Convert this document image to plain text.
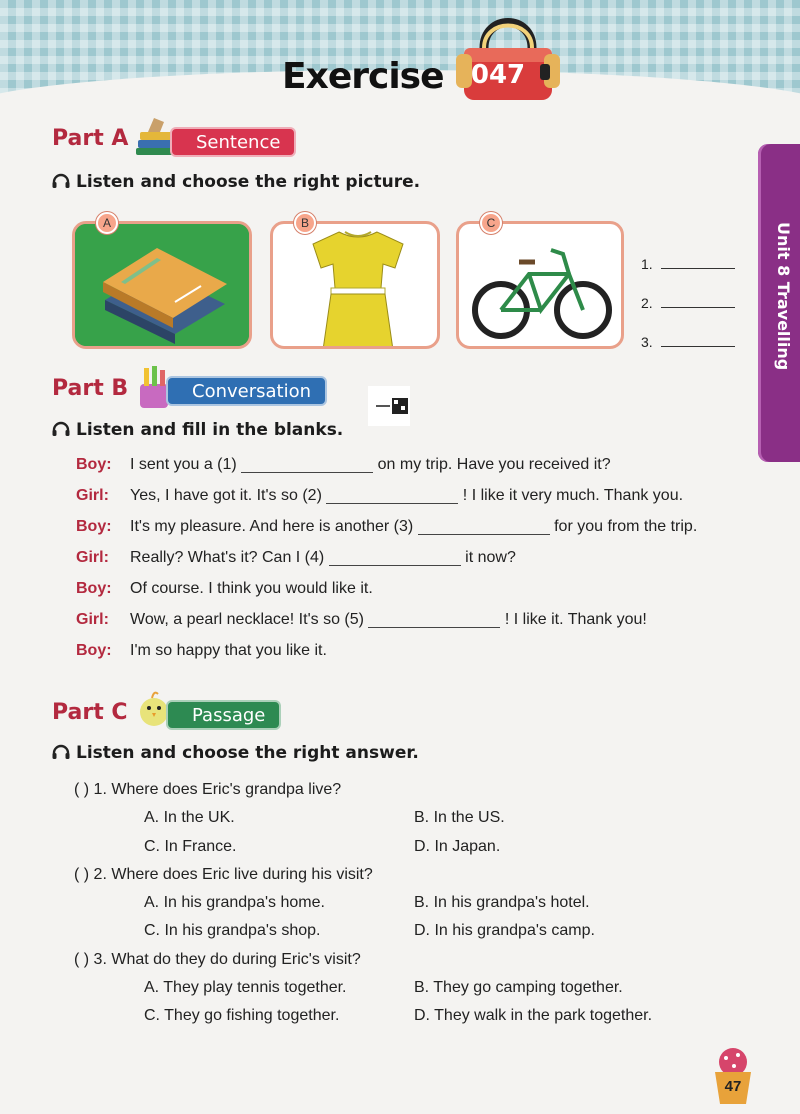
Exercise 047
Unit 8 Travelling
Part A	Sentence
Listen and choose the right picture.
A	B	C
1.
2.
3.
Part B	Conversation
Listen and fill in the blanks.
Boy: I sent you a (1)	on my trip. Have you received it?
Girl: Yes, I have got it. It's so (2)	! I like it very much. Thank you.
Boy: It's my pleasure. And here is another (3)	for you from the trip.
Girl: Really? What's it? Can I (4)	it now?
Boy: Of course. I think you would like it.
Girl: Wow, a pearl necklace! It's so (5)	! I like it. Thank you!
Boy: I'm so happy that you like it.
Part C	Passage
Listen and choose the right answer.
( ) 1. Where does Eric's grandpa live?
A. In the UK.	B. In the US.
C. In France.	D. In Japan.
( ) 2. Where does Eric live during his visit?
A. In his grandpa's home.	B. In his grandpa's hotel.
C. In his grandpa's shop.	D. In his grandpa's camp.
( ) 3. What do they do during Eric's visit?
A. They play tennis together.	B. They go camping together.
C. They go fishing together.	D. They walk in the park together.
47
